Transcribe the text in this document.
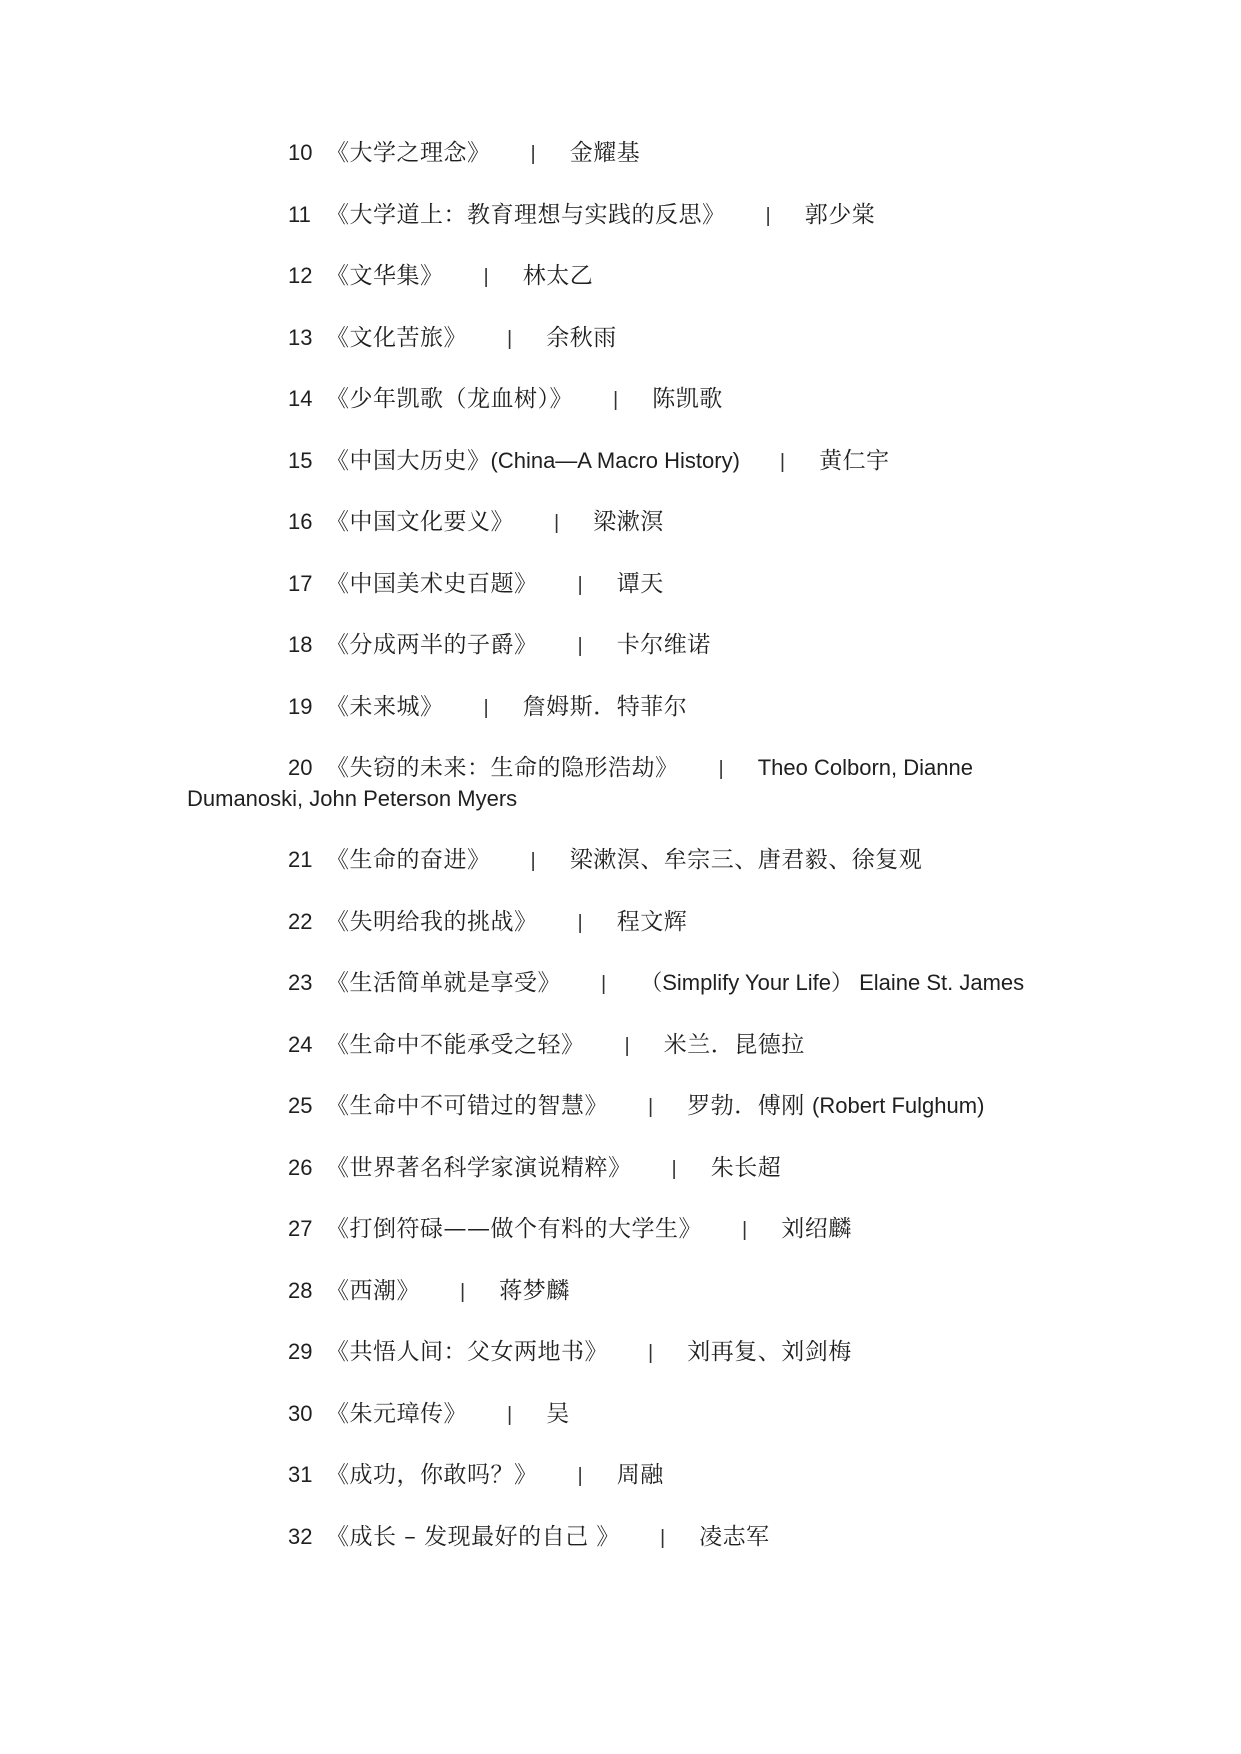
10 《大学之理念》 | 金耀基
11 《大学道上：教育理想与实践的反思》 | 郭少棠
12 《文华集》 | 林太乙
13 《文化苦旅》 | 余秋雨
14 《少年凯歌（龙血树）》 | 陈凯歌
15 《中国大历史》(China—A Macro History) | 黄仁宇
16 《中国文化要义》 | 梁漱溟
17 《中国美术史百题》 | 谭天
18 《分成两半的子爵》 | 卡尔维诺
19 《未来城》 | 詹姆斯．特菲尔
20 《失窃的未来：生命的隐形浩劫》 | Theo Colborn, Dianne
Dumanoski, John Peterson Myers
21 《生命的奋进》 | 梁漱溟、牟宗三、唐君毅、徐复观
22 《失明给我的挑战》 | 程文辉
23 《生活简单就是享受》 | （Simplify Your Life） Elaine St. James
24 《生命中不能承受之轻》 | 米兰．昆德拉
25 《生命中不可错过的智慧》 | 罗勃．傅刚 (Robert Fulghum)
26 《世界著名科学家演说精粹》 | 朱长超
27 《打倒符碌——做个有料的大学生》 | 刘绍麟
28 《西潮》 | 蒋梦麟
29 《共悟人间：父女两地书》 | 刘再复、刘剑梅
30 《朱元璋传》 | 吴
31 《成功，你敢吗？》 | 周融
32 《成长 – 发现最好的自己 》 | 凌志军
